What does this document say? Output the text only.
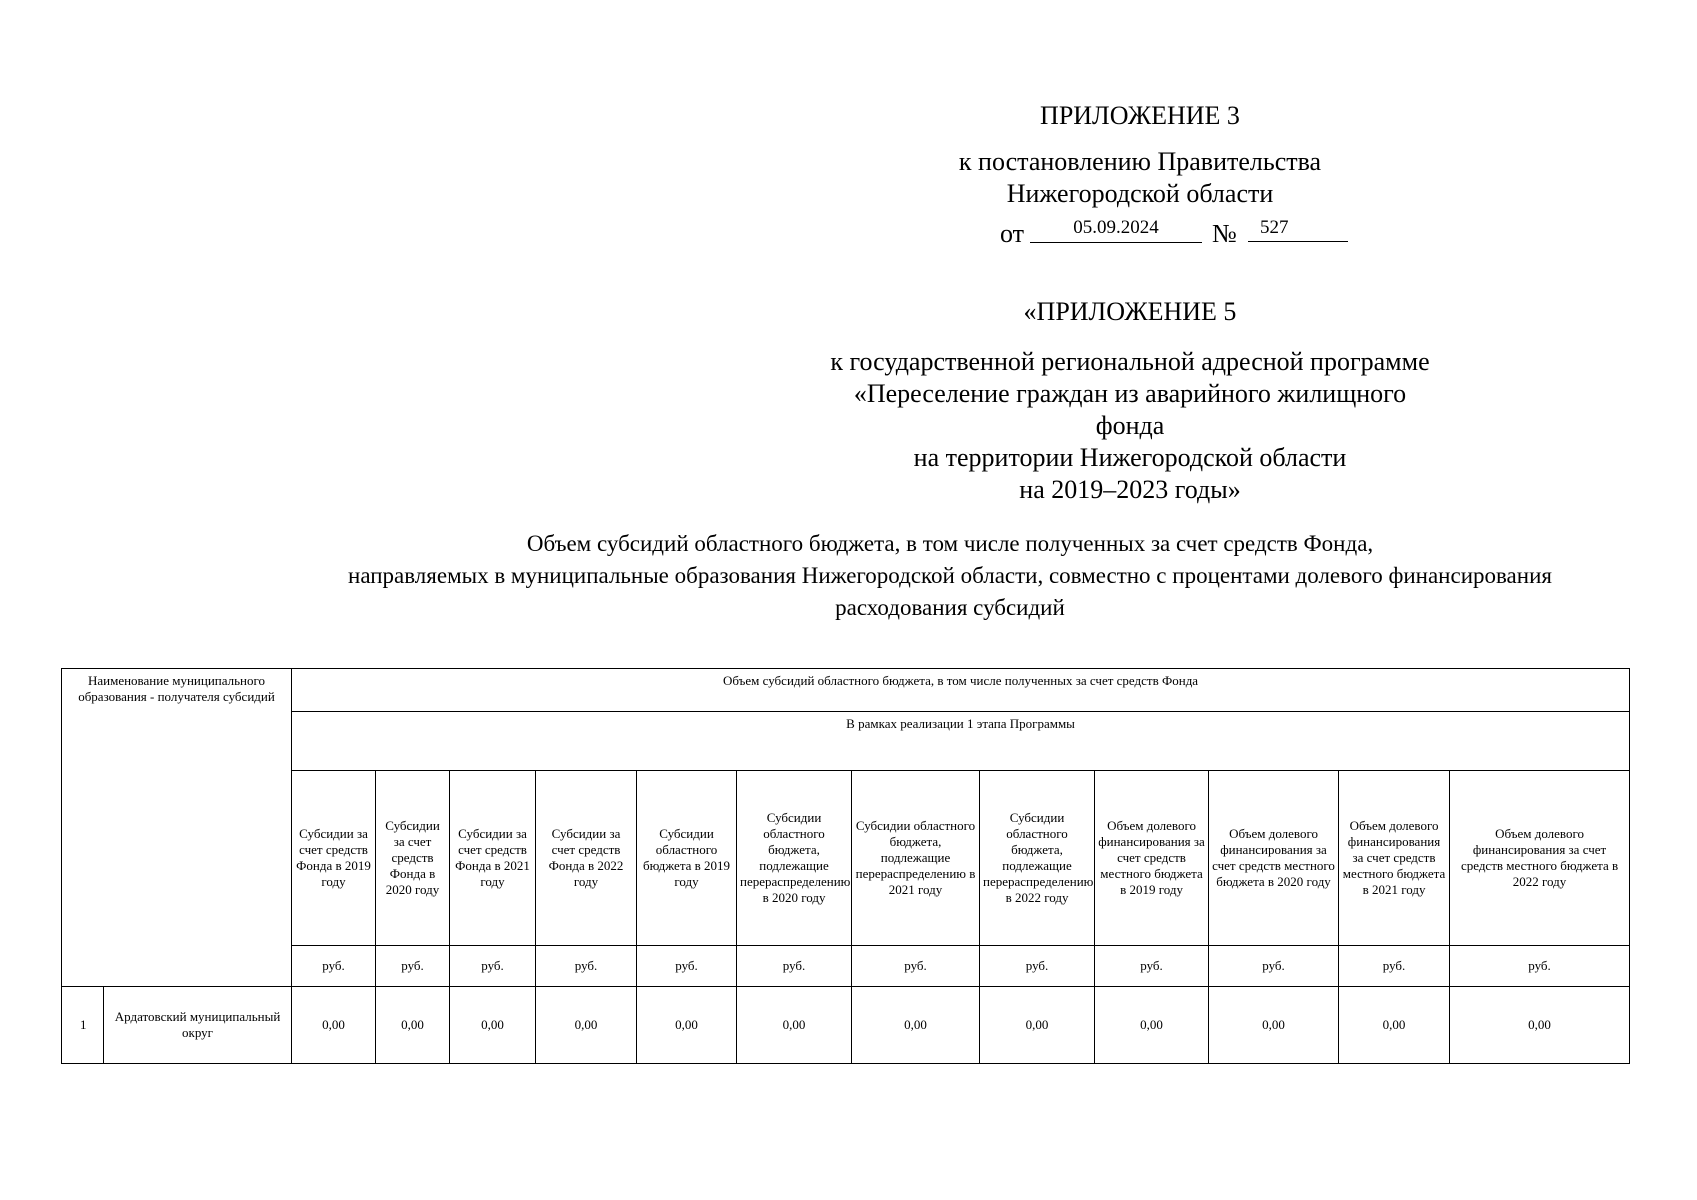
ПРИЛОЖЕНИЕ 3
к постановлению Правительства
Нижегородской области
от	05.09.2024	№	527
«ПРИЛОЖЕНИЕ 5
к государственной региональной адресной программе
«Переселение граждан из аварийного жилищного фонда
на территории Нижегородской области
на 2019–2023 годы»
Объем субсидий областного бюджета, в том числе полученных за счет средств Фонда,
направляемых в муниципальные образования Нижегородской области, совместно с процентами долевого финансирования
расходования субсидий
Наименование муниципального образования - получателя субсидий		Объем субсидий областного бюджета, в том числе полученных за счет средств Фонда											
		В рамках реализации 1 этапа Программы											
		Субсидии за счет средств Фонда в 2019 году	Субсидии за счет средств Фонда в 2020 году	Субсидии за счет средств Фонда в 2021 году	Субсидии за счет средств Фонда в 2022 году	Субсидии областного бюджета в 2019 году	Субсидии областного бюджета, подлежащие перераспределению в 2020 году	Субсидии областного бюджета, подлежащие перераспределению в 2021 году	Субсидии областного бюджета, подлежащие перераспределению в 2022 году	Объем долевого финансирования за счет средств местного бюджета в 2019 году	Объем долевого финансирования за счет средств местного бюджета в 2020 году	Объем долевого финансирования за счет средств местного бюджета в 2021 году	Объем долевого финансирования за счет средств местного бюджета в 2022 году
		руб.	руб.	руб.	руб.	руб.	руб.	руб.	руб.	руб.	руб.	руб.	руб.
1	Ардатовский муниципальный округ	0,00	0,00	0,00	0,00	0,00	0,00	0,00	0,00	0,00	0,00	0,00	0,00
